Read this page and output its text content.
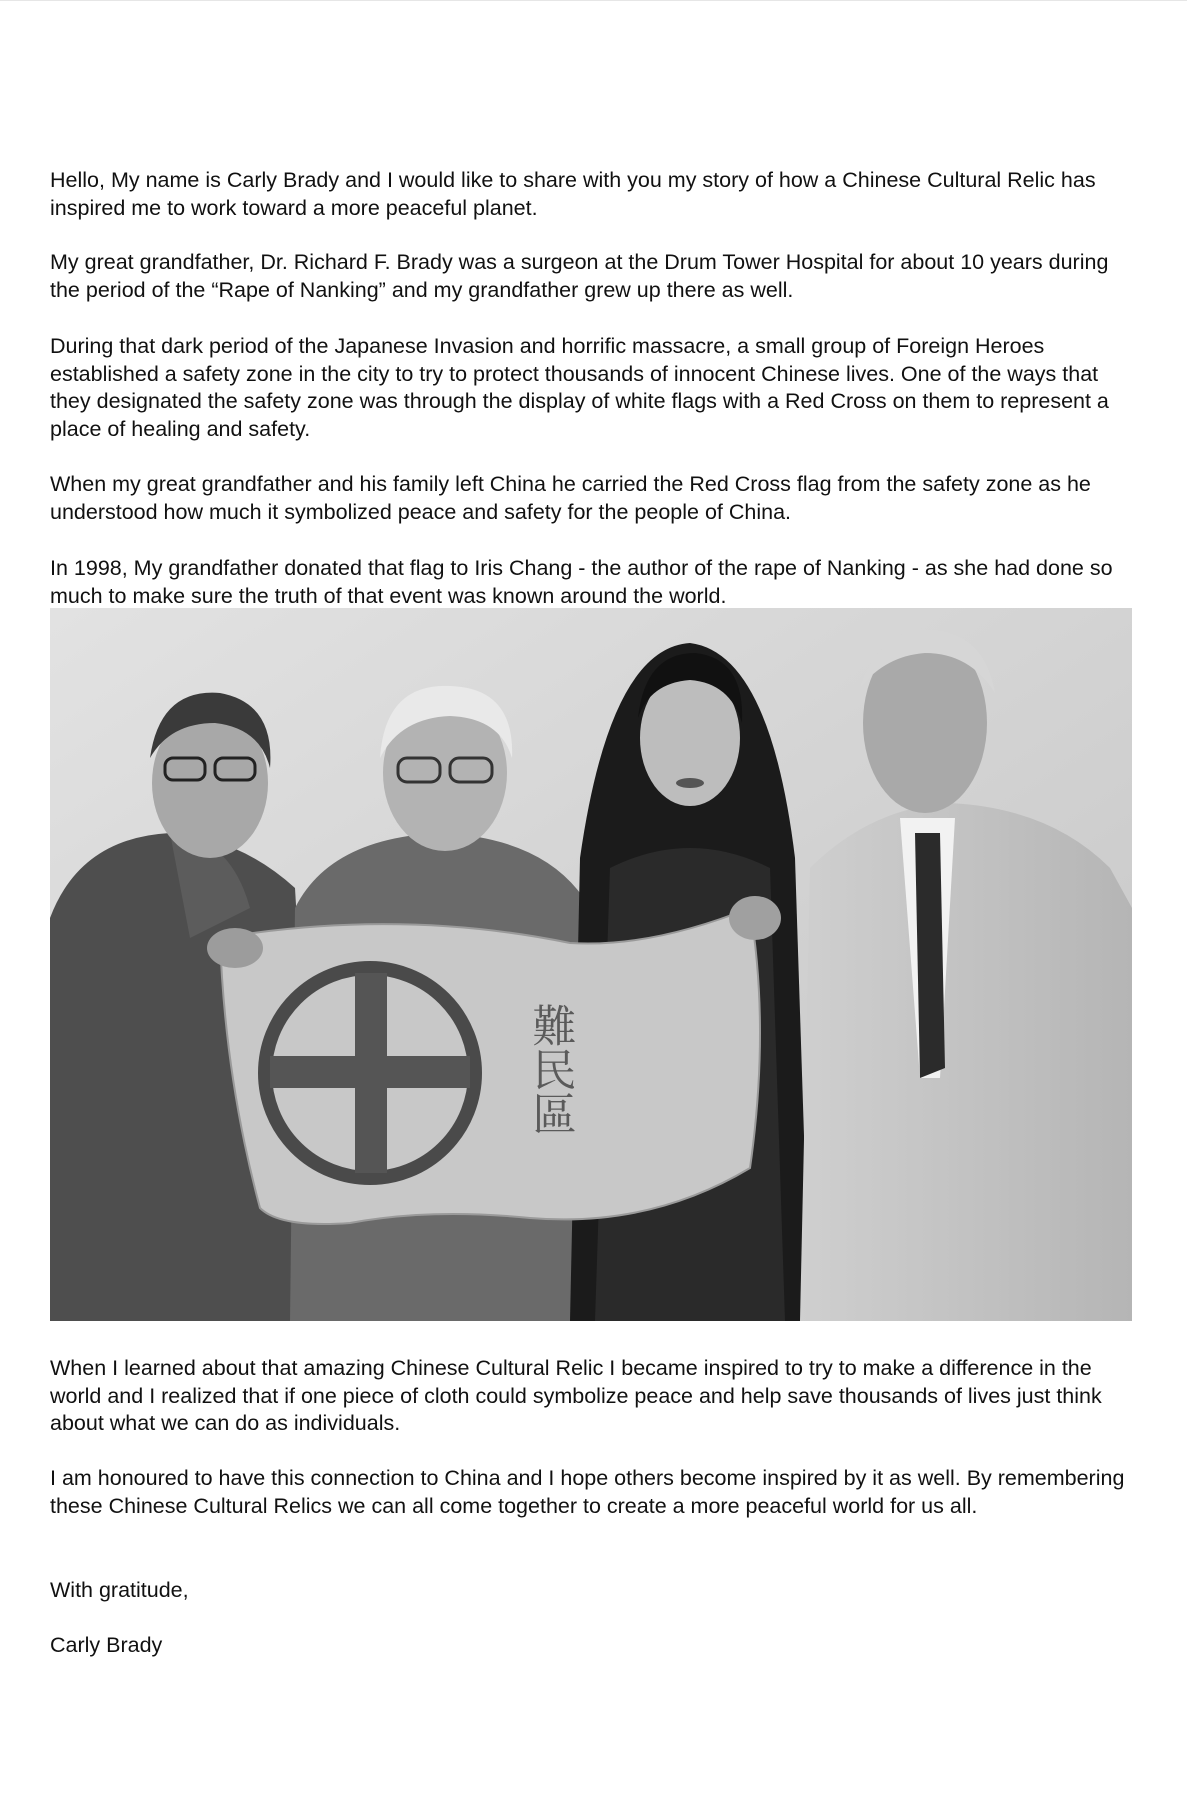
Hello, My name is Carly Brady and I would like to share with you my story of how a Chinese Cultural Relic has inspired me to work toward a more peaceful planet.

My great grandfather, Dr. Richard F. Brady was a surgeon at the Drum Tower Hospital for about 10 years during the period of the “Rape of Nanking” and my grandfather grew up there as well.

During that dark period of the Japanese Invasion and horrific massacre, a small group of Foreign Heroes established a safety zone in the city to try to protect thousands of innocent Chinese lives. One of the ways that they designated the safety zone was through the display of white flags with a Red Cross on them to represent a place of healing and safety.

When my great grandfather and his family left China he carried the Red Cross flag from the safety zone as he understood how much it symbolized peace and safety for the people of China.

In 1998, My grandfather donated that flag to Iris Chang - the author of the rape of Nanking - as she had done so much to make sure the truth of that event was known around the world.

難民區

When I learned about that amazing Chinese Cultural Relic I became inspired to try to make a difference in the world and I realized that if one piece of cloth could symbolize peace and help save thousands of lives just think about what we can do as individuals.

I am honoured to have this connection to China and I hope others become inspired by it as well. By remembering these Chinese Cultural Relics we can all come together to create a more peaceful world for us all.

With gratitude,

Carly Brady
